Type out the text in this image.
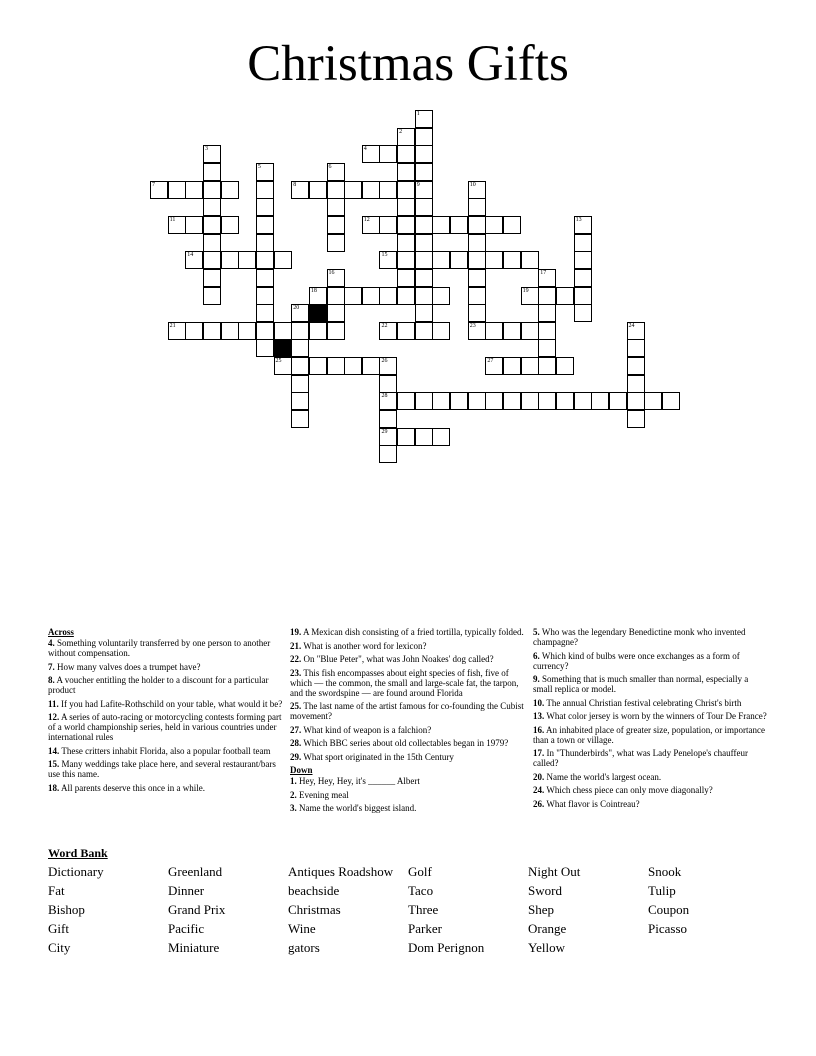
Christmas Gifts
1
2
3	4
5	6
7	8	9	10
11	12	13
14	15
16	17
18	19
20
21	22	23	24
25	26	27
28
29
Across
4. Something voluntarily transferred by one person to another without compensation.
7. How many valves does a trumpet have?
8. A voucher entitling the holder to a discount for a particular product
11. If you had Lafite-Rothschild on your table, what would it be?
12. A series of auto-racing or motorcycling contests forming part of a world championship series, held in various countries under international rules
14. These critters inhabit Florida, also a popular football team
15. Many weddings take place here, and several restaurant/bars use this name.
18. All parents deserve this once in a while.
19. A Mexican dish consisting of a fried tortilla, typically folded.
21. What is another word for lexicon?
22. On "Blue Peter", what was John Noakes' dog called?
23. This fish encompasses about eight species of fish, five of which — the common, the small and large-scale fat, the tarpon, and the swordspine — are found around Florida
25. The last name of the artist famous for co-founding the Cubist movement?
27. What kind of weapon is a falchion?
28. Which BBC series about old collectables began in 1979?
29. What sport originated in the 15th Century
Down
1. Hey, Hey, Hey, it's ______ Albert
2. Evening meal
3. Name the world's biggest island.
5. Who was the legendary Benedictine monk who invented champagne?
6. Which kind of bulbs were once exchanges as a form of currency?
9. Something that is much smaller than normal, especially a small replica or model.
10. The annual Christian festival celebrating Christ's birth
13. What color jersey is worn by the winners of Tour De France?
16. An inhabited place of greater size, population, or importance than a town or village.
17. In "Thunderbirds", what was Lady Penelope's chauffeur called?
20. Name the world's largest ocean.
24. Which chess piece can only move diagonally?
26. What flavor is Cointreau?
Word Bank
Dictionary
Fat
Bishop
Gift
City
Greenland
Dinner
Grand Prix
Pacific
Miniature
Antiques Roadshow
beachside
Christmas
Wine
gators
Golf
Taco
Three
Parker
Dom Perignon
Night Out
Sword
Shep
Orange
Yellow
Snook
Tulip
Coupon
Picasso
